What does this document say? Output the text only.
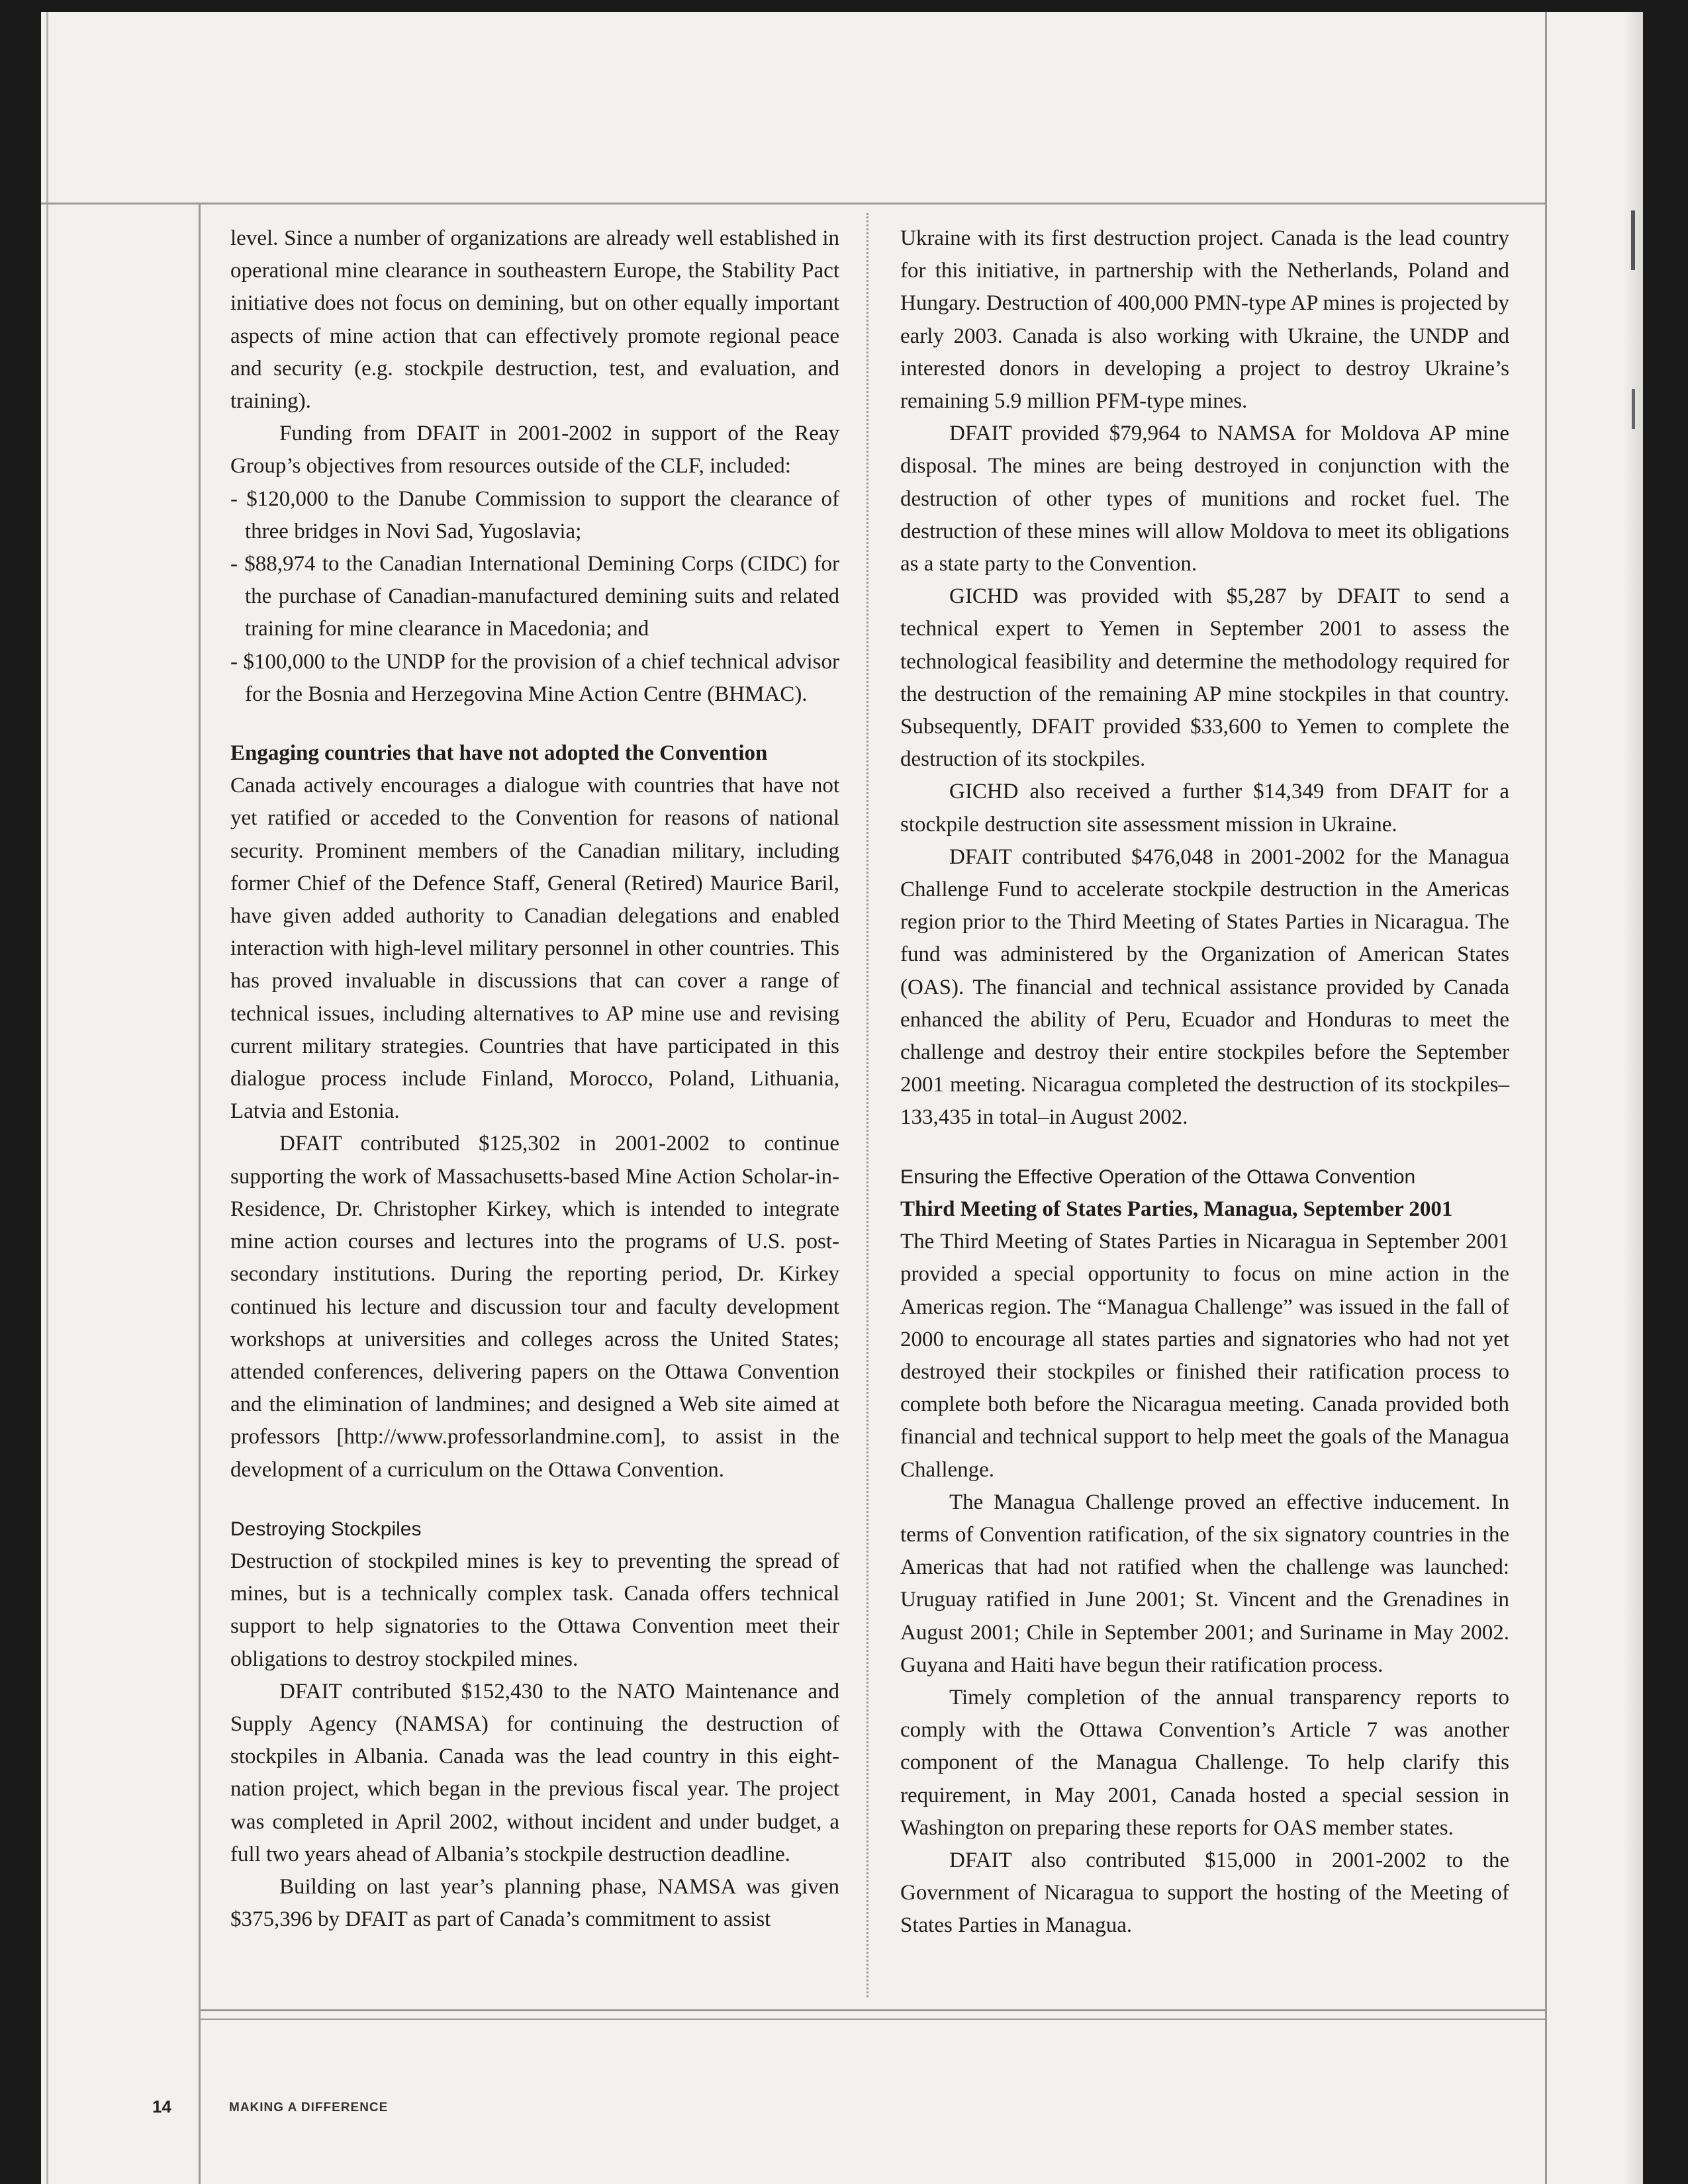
level. Since a number of organizations are already well established in operational mine clearance in southeastern Europe, the Stability Pact initiative does not focus on demining, but on other equally important aspects of mine action that can effectively promote regional peace and security (e.g. stockpile destruction, test, and evaluation, and training).

Funding from DFAIT in 2001-2002 in support of the Reay Group’s objectives from resources outside of the CLF, included:

- $120,000 to the Danube Commission to support the clearance of three bridges in Novi Sad, Yugoslavia;

- $88,974 to the Canadian International Demining Corps (CIDC) for the purchase of Canadian-manufactured demining suits and related training for mine clearance in Macedonia; and

- $100,000 to the UNDP for the provision of a chief technical advisor for the Bosnia and Herzegovina Mine Action Centre (BHMAC).

Engaging countries that have not adopted the Convention

Canada actively encourages a dialogue with countries that have not yet ratified or acceded to the Convention for reasons of national security. Prominent members of the Canadian military, including former Chief of the Defence Staff, General (Retired) Maurice Baril, have given added authority to Canadian delegations and enabled interaction with high-level military personnel in other countries. This has proved invaluable in discussions that can cover a range of technical issues, including alternatives to AP mine use and revising current military strategies. Countries that have participated in this dialogue process include Finland, Morocco, Poland, Lithuania, Latvia and Estonia.

DFAIT contributed $125,302 in 2001-2002 to continue supporting the work of Massachusetts-based Mine Action Scholar-in-Residence, Dr. Christopher Kirkey, which is intended to integrate mine action courses and lectures into the programs of U.S. post-secondary institutions. During the reporting period, Dr. Kirkey continued his lecture and discussion tour and faculty development workshops at universities and colleges across the United States; attended conferences, delivering papers on the Ottawa Convention and the elimination of landmines; and designed a Web site aimed at professors [http://www.professorlandmine.com], to assist in the development of a curriculum on the Ottawa Convention.

Destroying Stockpiles

Destruction of stockpiled mines is key to preventing the spread of mines, but is a technically complex task. Canada offers technical support to help signatories to the Ottawa Convention meet their obligations to destroy stockpiled mines.

DFAIT contributed $152,430 to the NATO Maintenance and Supply Agency (NAMSA) for continuing the destruction of stockpiles in Albania. Canada was the lead country in this eight-nation project, which began in the previous fiscal year. The project was completed in April 2002, without incident and under budget, a full two years ahead of Albania’s stockpile destruction deadline.

Building on last year’s planning phase, NAMSA was given $375,396 by DFAIT as part of Canada’s commitment to assist

Ukraine with its first destruction project. Canada is the lead country for this initiative, in partnership with the Netherlands, Poland and Hungary. Destruction of 400,000 PMN-type AP mines is projected by early 2003. Canada is also working with Ukraine, the UNDP and interested donors in developing a project to destroy Ukraine’s remaining 5.9 million PFM-type mines.

DFAIT provided $79,964 to NAMSA for Moldova AP mine disposal. The mines are being destroyed in conjunction with the destruction of other types of munitions and rocket fuel. The destruction of these mines will allow Moldova to meet its obligations as a state party to the Convention.

GICHD was provided with $5,287 by DFAIT to send a technical expert to Yemen in September 2001 to assess the technological feasibility and determine the methodology required for the destruction of the remaining AP mine stockpiles in that country. Subsequently, DFAIT provided $33,600 to Yemen to complete the destruction of its stockpiles.

GICHD also received a further $14,349 from DFAIT for a stockpile destruction site assessment mission in Ukraine.

DFAIT contributed $476,048 in 2001-2002 for the Managua Challenge Fund to accelerate stockpile destruction in the Americas region prior to the Third Meeting of States Parties in Nicaragua. The fund was administered by the Organization of American States (OAS). The financial and technical assistance provided by Canada enhanced the ability of Peru, Ecuador and Honduras to meet the challenge and destroy their entire stockpiles before the September 2001 meeting. Nicaragua completed the destruction of its stockpiles–133,435 in total–in August 2002.

Ensuring the Effective Operation of the Ottawa Convention

Third Meeting of States Parties, Managua, September 2001

The Third Meeting of States Parties in Nicaragua in September 2001 provided a special opportunity to focus on mine action in the Americas region. The “Managua Challenge” was issued in the fall of 2000 to encourage all states parties and signatories who had not yet destroyed their stockpiles or finished their ratification process to complete both before the Nicaragua meeting. Canada provided both financial and technical support to help meet the goals of the Managua Challenge.

The Managua Challenge proved an effective inducement. In terms of Convention ratification, of the six signatory countries in the Americas that had not ratified when the challenge was launched: Uruguay ratified in June 2001; St. Vincent and the Grenadines in August 2001; Chile in September 2001; and Suriname in May 2002. Guyana and Haiti have begun their ratification process.

Timely completion of the annual transparency reports to comply with the Ottawa Convention’s Article 7 was another component of the Managua Challenge. To help clarify this requirement, in May 2001, Canada hosted a special session in Washington on preparing these reports for OAS member states.

DFAIT also contributed $15,000 in 2001-2002 to the Government of Nicaragua to support the hosting of the Meeting of States Parties in Managua.

14	MAKING A DIFFERENCE
